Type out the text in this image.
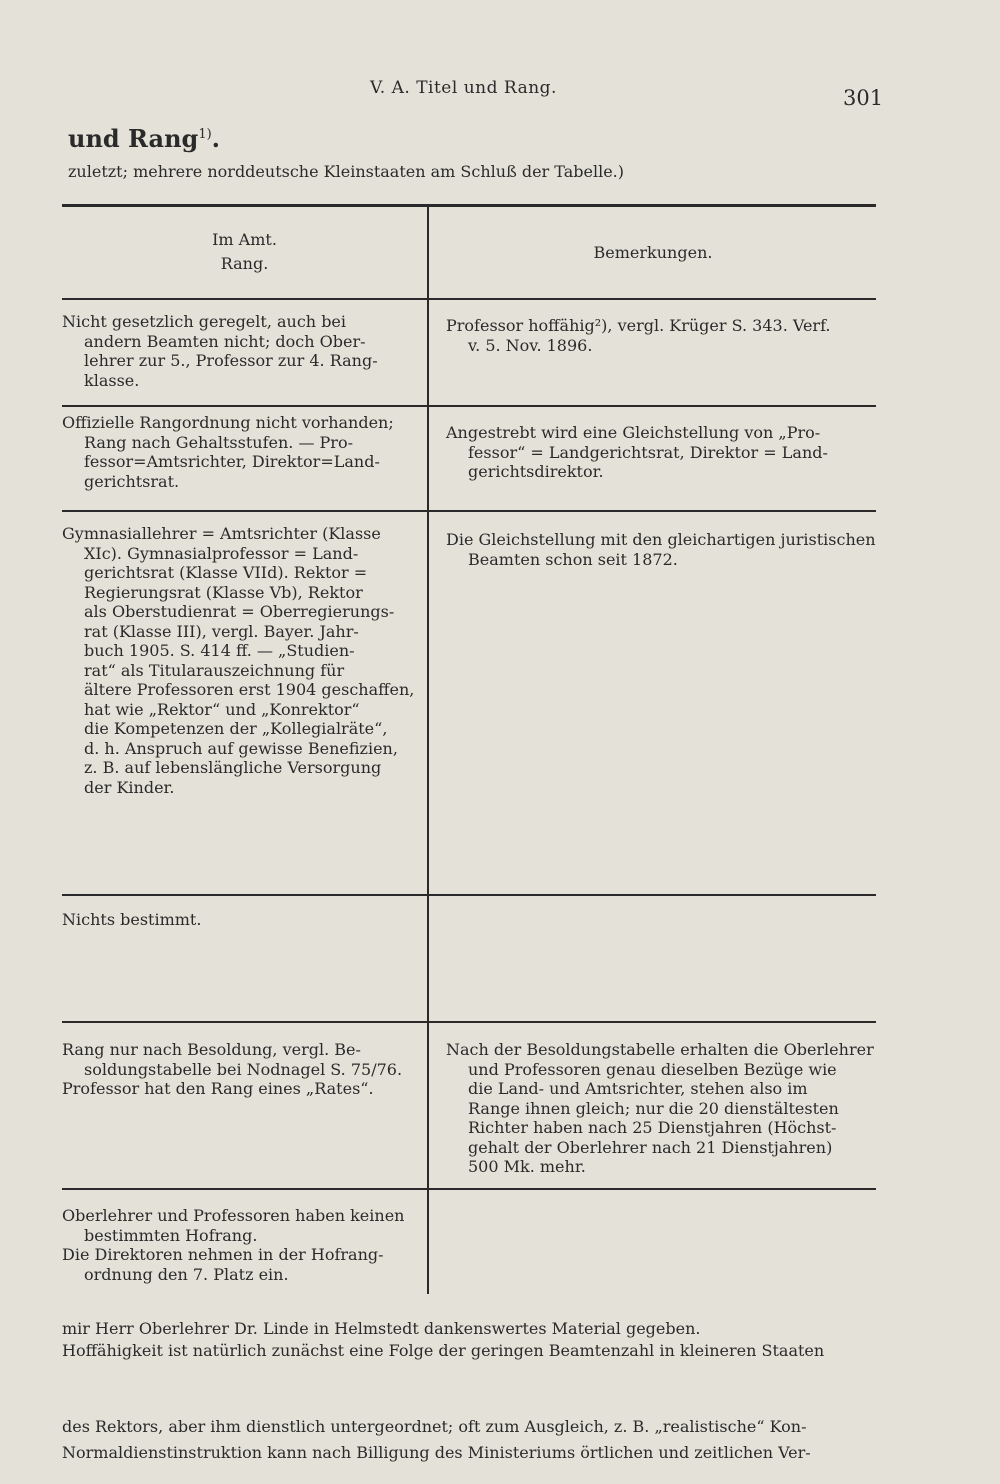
V. A. Titel und Rang.	301
und Rang$^{1)}$.
zuletzt; mehrere norddeutsche Kleinstaaten am Schluß der Tabelle.)
Im Amt.
Rang.
Bemerkungen.

Nicht gesetzlich geregelt, auch bei

andern Beamten nicht; doch Ober-

lehrer zur 5., Professor zur 4. Rang-

klasse.

Professor hoffähig²), vergl. Krüger S. 343. Verf.

v. 5. Nov. 1896.

Offizielle Rangordnung nicht vorhanden;

Rang nach Gehaltsstufen. — Pro-

fessor=Amtsrichter, Direktor=Land-

gerichtsrat.

Angestrebt wird eine Gleichstellung von „Pro-

fessor“ = Landgerichtsrat, Direktor = Land-

gerichtsdirektor.

Gymnasiallehrer = Amtsrichter (Klasse

XIc). Gymnasialprofessor = Land-

gerichtsrat (Klasse VIId). Rektor =

Regierungsrat (Klasse Vb), Rektor

als Oberstudienrat = Oberregierungs-

rat (Klasse III), vergl. Bayer. Jahr-

buch 1905. S. 414 ff. — „Studien-

rat“ als Titularauszeichnung für

ältere Professoren erst 1904 geschaffen,

hat wie „Rektor“ und „Konrektor“

die Kompetenzen der „Kollegialräte“,

d. h. Anspruch auf gewisse Benefizien,

z. B. auf lebenslängliche Versorgung

der Kinder.

Die Gleichstellung mit den gleichartigen juristischen

Beamten schon seit 1872.

Nichts bestimmt.

Rang nur nach Besoldung, vergl. Be-

soldungstabelle bei Nodnagel S. 75/76.

Professor hat den Rang eines „Rates“.

Nach der Besoldungstabelle erhalten die Oberlehrer

und Professoren genau dieselben Bezüge wie

die Land- und Amtsrichter, stehen also im

Range ihnen gleich; nur die 20 dienstältesten

Richter haben nach 25 Dienstjahren (Höchst-

gehalt der Oberlehrer nach 21 Dienstjahren)

500 Mk. mehr.

Oberlehrer und Professoren haben keinen

bestimmten Hofrang.

Die Direktoren nehmen in der Hofrang-

ordnung den 7. Platz ein.

mir Herr Oberlehrer Dr. Linde in Helmstedt dankenswertes Material gegeben.
Hoffähigkeit ist natürlich zunächst eine Folge der geringen Beamtenzahl in kleineren Staaten
des Rektors, aber ihm dienstlich untergeordnet; oft zum Ausgleich, z. B. „realistische“ Kon-
Normaldienstinstruktion kann nach Billigung des Ministeriums örtlichen und zeitlichen Ver-
